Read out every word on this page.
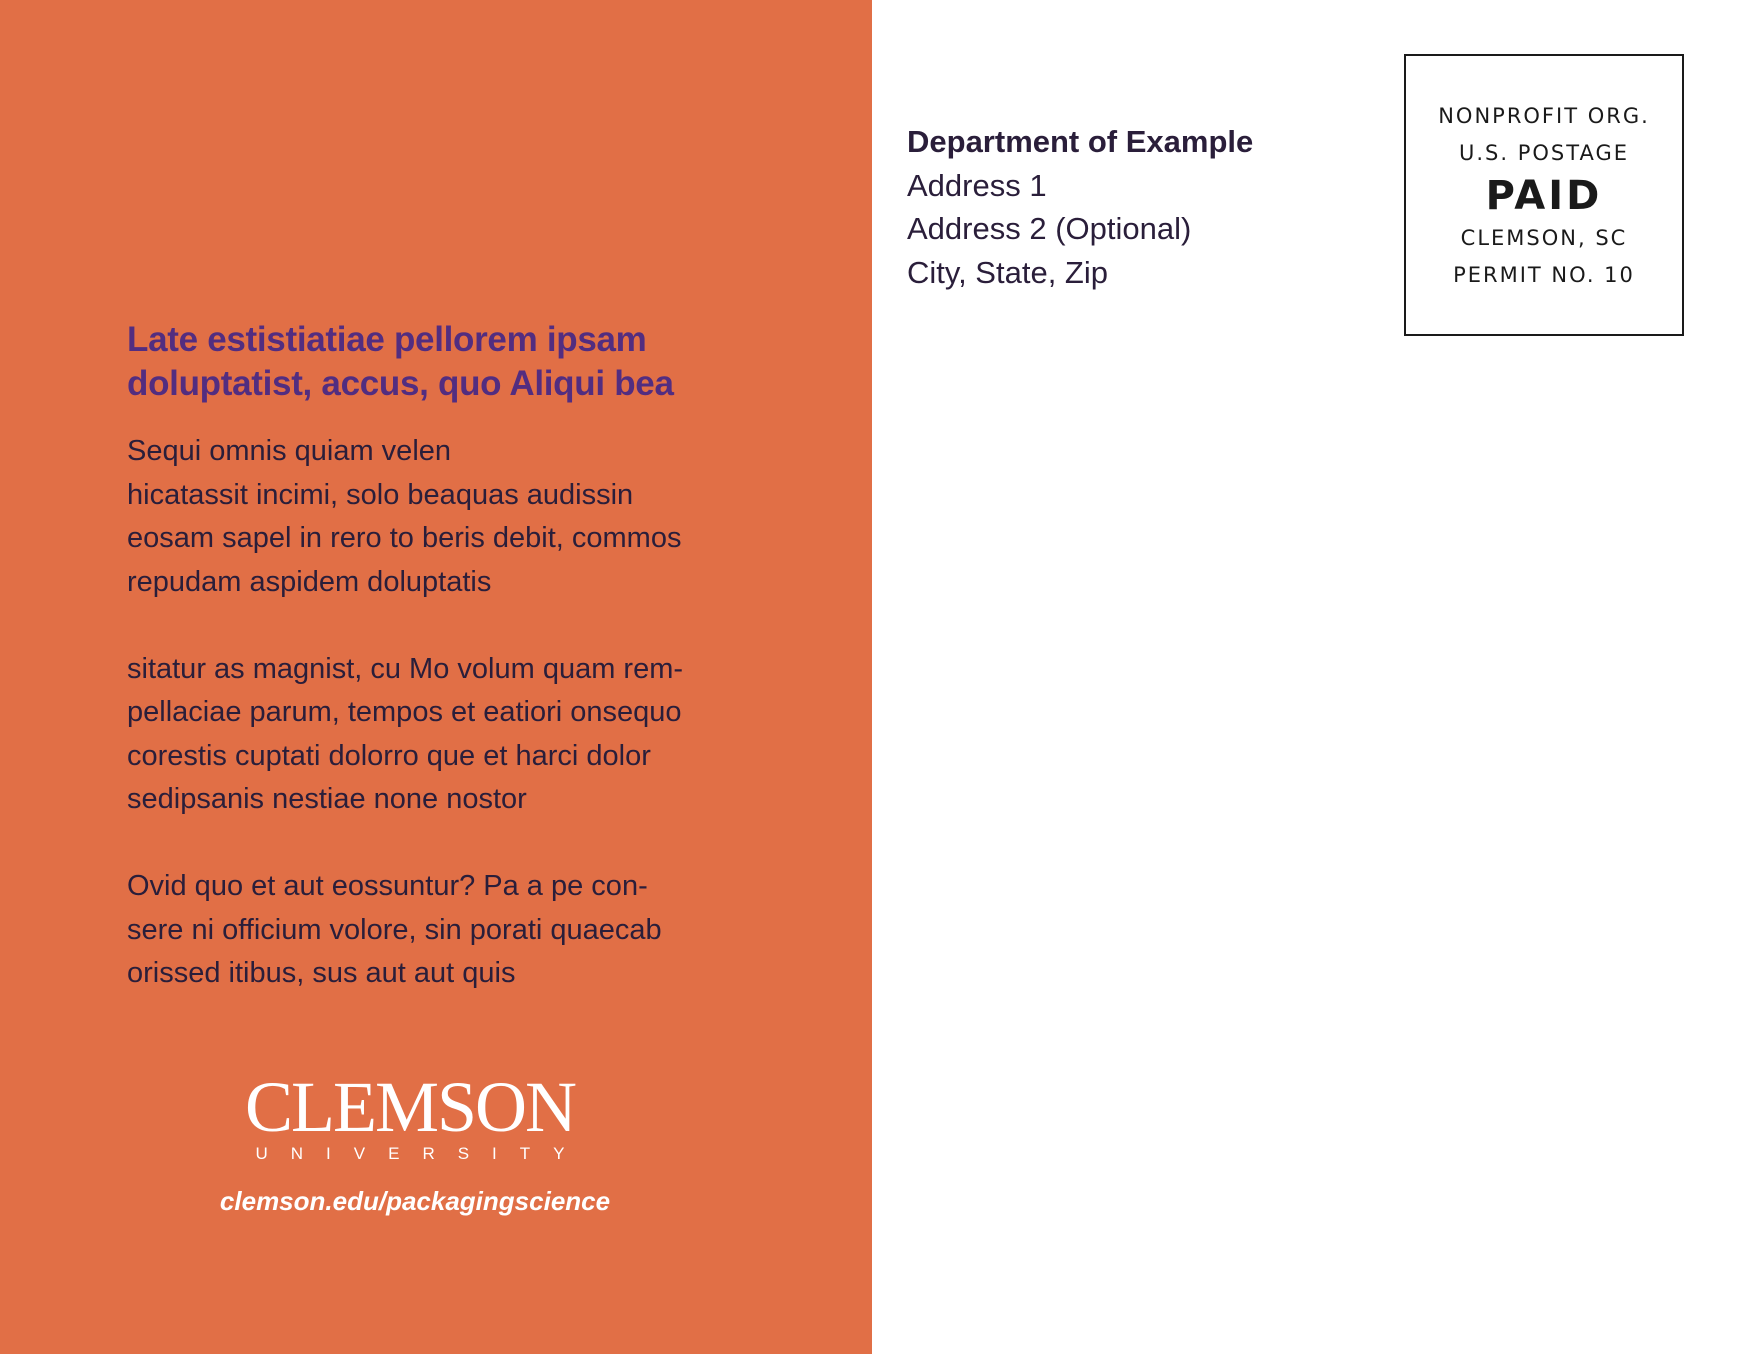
Late estistiatiae pellorem ipsam
doluptatist, accus, quo Aliqui bea

Sequi omnis quiam velen
hicatassit incimi, solo beaquas audissin
eosam sapel in rero to beris debit, commos
repudam aspidem doluptatis

sitatur as magnist, cu Mo volum quam rem-
pellaciae parum, tempos et eatiori onsequo
corestis cuptati dolorro que et harci dolor
sedipsanis nestiae none nostor

Ovid quo et aut eossuntur? Pa a pe con-
sere ni officium volore, sin porati quaecab
orissed itibus, sus aut aut quis

CLEMSON
UNIVERSITY
clemson.edu/packagingscience
Department of Example
Address 1
Address 2 (Optional)
City, State, Zip
NONPROFIT ORG.
U.S. POSTAGE
PAID
CLEMSON, SC
PERMIT NO. 10
